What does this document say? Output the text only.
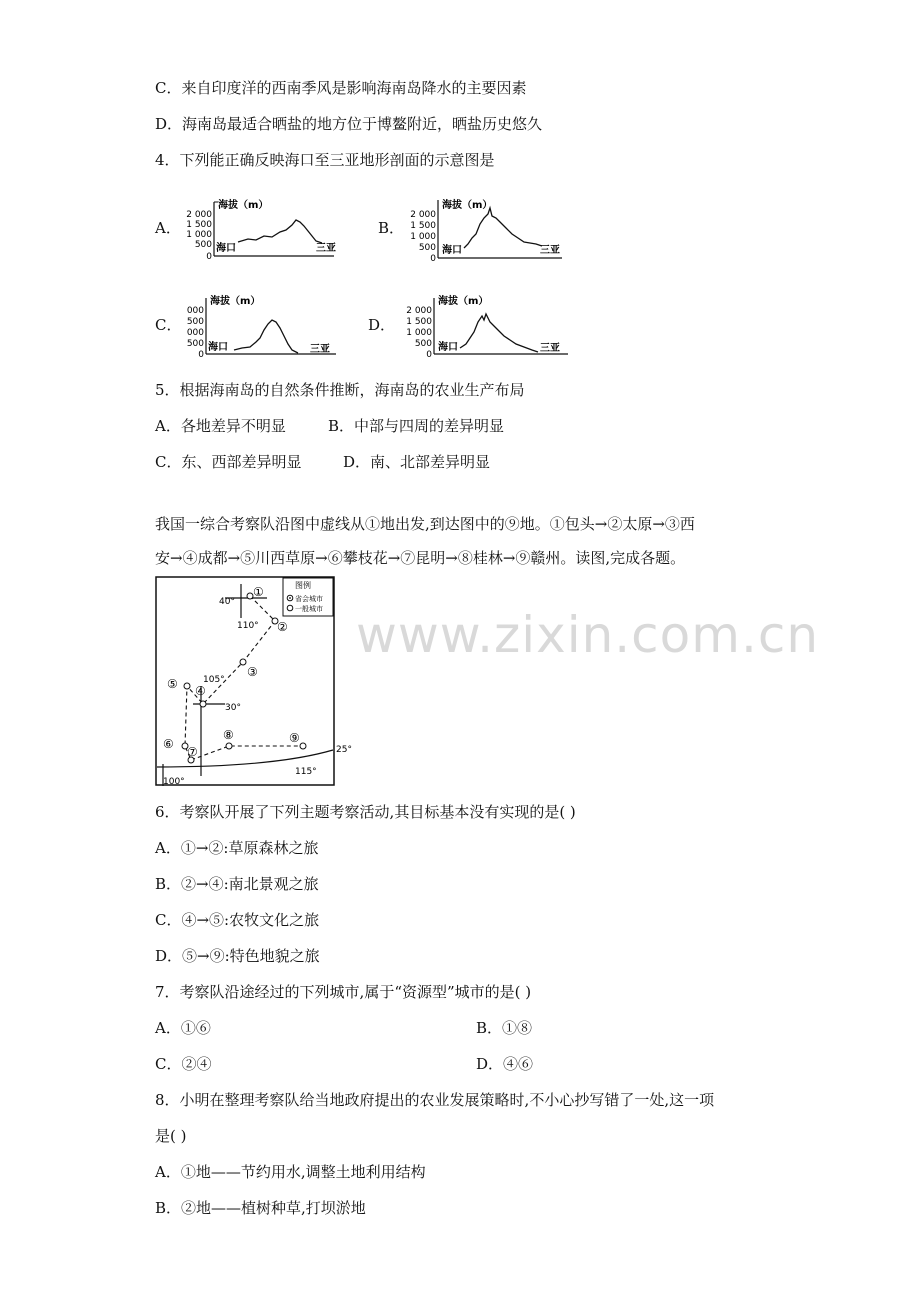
C．来自印度洋的西南季风是影响海南岛降水的主要因素
D．海南岛最适合晒盐的地方位于博鳌附近，晒盐历史悠久
4．下列能正确反映海口至三亚地形剖面的示意图是
A．	B．
C．	D．
海拔（m）
2 000
1 500
1 000
500
0
海口	三亚
海拔（m）
2 000
1 500
1 000
500
0
海口	三亚
海拔（m）
000
500
000
500
0
海口	三亚
海拔（m）
2 000
1 500
1 000
500
0
海口	三亚
5．根据海南岛的自然条件推断，海南岛的农业生产布局
A．各地差异不明显	B．中部与四周的差异明显
C．东、西部差异明显	D．南、北部差异明显
我国一综合考察队沿图中虚线从①地出发,到达图中的⑨地。①包头→②太原→③西
安→④成都→⑤川西草原→⑥攀枝花→⑦昆明→⑧桂林→⑨赣州。读图,完成各题。
图例
省会城市
一般城市
40°
110°
105°
30°
100°
115°
25°
①
②
③
④
⑤
⑥
⑦
⑧	⑨
www.zixin.com.cn
6．考察队开展了下列主题考察活动,其目标基本没有实现的是( )
A．①→②:草原森林之旅
B．②→④:南北景观之旅
C．④→⑤:农牧文化之旅
D．⑤→⑨:特色地貌之旅
7．考察队沿途经过的下列城市,属于“资源型”城市的是( )
A．①⑥	B．①⑧
C．②④	D．④⑥
8．小明在整理考察队给当地政府提出的农业发展策略时,不小心抄写错了一处,这一项
是( )
A．①地——节约用水,调整土地利用结构
B．②地——植树种草,打坝淤地
